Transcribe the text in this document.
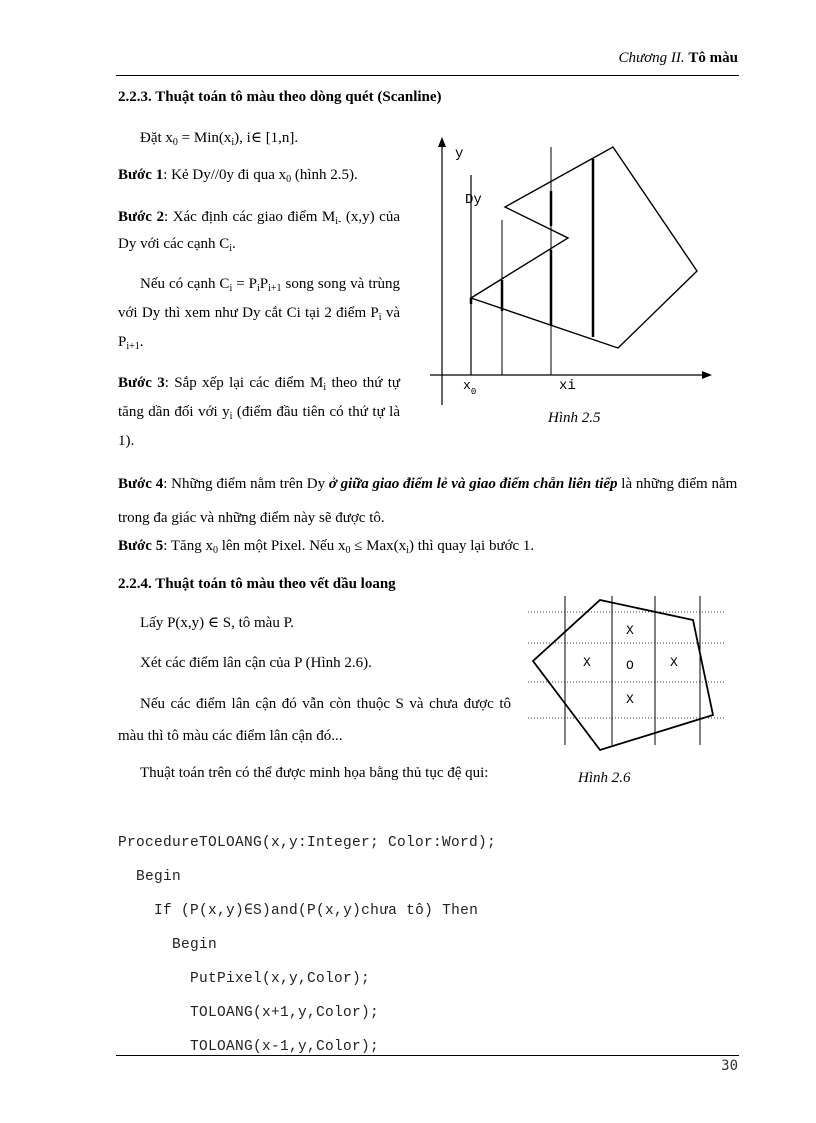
Chương II. Tô màu
2.2.3. Thuật toán tô màu theo dòng quét (Scanline)
Đặt $x_0 = Min(x_i)$, i∈ [1,n].
Bước 1: Kẻ Dy//0y đi qua $x_0$ (hình 2.5).
Bước 2: Xác định các giao điểm $M_{i-}$ (x,y) của Dy với các cạnh $C_i$.
Nếu có cạnh $C_i = P_iP_{i+1}$ song song và trùng với Dy thì xem như Dy cắt Ci tại 2 điểm $P_i$ và $P_{i+1}$.
Bước 3: Sắp xếp lại các điểm $M_i$ theo thứ tự tăng dần đối với $y_i$ (điểm đầu tiên có thứ tự là 1).
y
Dy
$x_0$	xi
Hình 2.5
Bước 4: Những điểm nằm trên Dy ở giữa giao điểm lẻ và giao điểm chẵn liên tiếp là những điểm nằm trong đa giác và những điểm này sẽ được tô.
Bước 5: Tăng $x_0$ lên một Pixel. Nếu $x_0 \le Max(x_i)$ thì quay lại bước 1.
2.2.4. Thuật toán tô màu theo vết dầu loang
Lấy P(x,y) ∈ S, tô màu P.
Xét các điểm lân cận của P (Hình 2.6).
Nếu các điểm lân cận đó vẫn còn thuộc S và chưa được tô màu thì tô màu các điểm lân cận đó...
Thuật toán trên có thể được minh họa bằng thủ tục đệ qui:
X
X	O	X
X
Hình 2.6
ProcedureTOLOANG(x,y:Integer; Color:Word);
Begin
If (P(x,y)∈S)and(P(x,y)chưa tô) Then
Begin
PutPixel(x,y,Color);
TOLOANG(x+1,y,Color);
TOLOANG(x-1,y,Color);
30
